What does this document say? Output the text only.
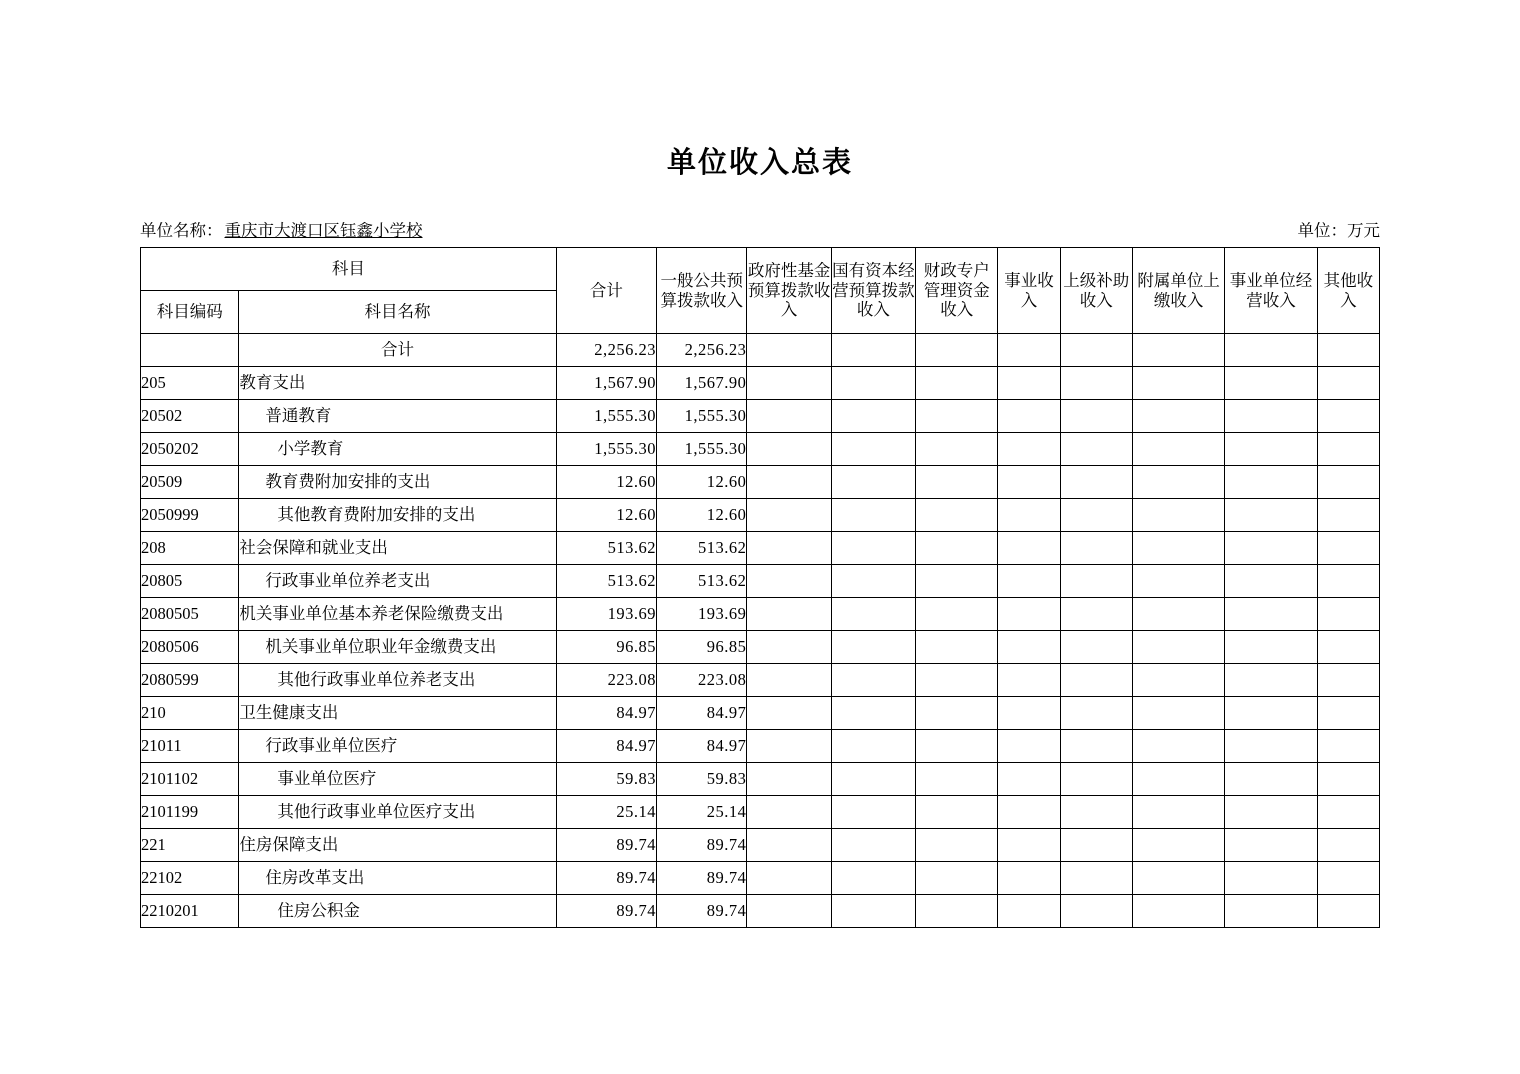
单位收入总表
单位名称： 重庆市大渡口区钰鑫小学校	单位：万元
科目		合计	一般公共预算拨款收入	政府性基金预算拨款收入	国有资本经营预算拨款收入	财政专户管理资金收入	事业收入	上级补助收入	附属单位上缴收入	事业单位经营收入	其他收入
科目编码	科目名称										
	合计	2,256.23	2,256.23								
205	教育支出	1,567.90	1,567.90								
20502	普通教育	1,555.30	1,555.30								
2050202	小学教育	1,555.30	1,555.30								
20509	教育费附加安排的支出	12.60	12.60								
2050999	其他教育费附加安排的支出	12.60	12.60								
208	社会保障和就业支出	513.62	513.62								
20805	行政事业单位养老支出	513.62	513.62								
2080505	机关事业单位基本养老保险缴费支出	193.69	193.69								
2080506	机关事业单位职业年金缴费支出	96.85	96.85								
2080599	其他行政事业单位养老支出	223.08	223.08								
210	卫生健康支出	84.97	84.97								
21011	行政事业单位医疗	84.97	84.97								
2101102	事业单位医疗	59.83	59.83								
2101199	其他行政事业单位医疗支出	25.14	25.14								
221	住房保障支出	89.74	89.74								
22102	住房改革支出	89.74	89.74								
2210201	住房公积金	89.74	89.74								
